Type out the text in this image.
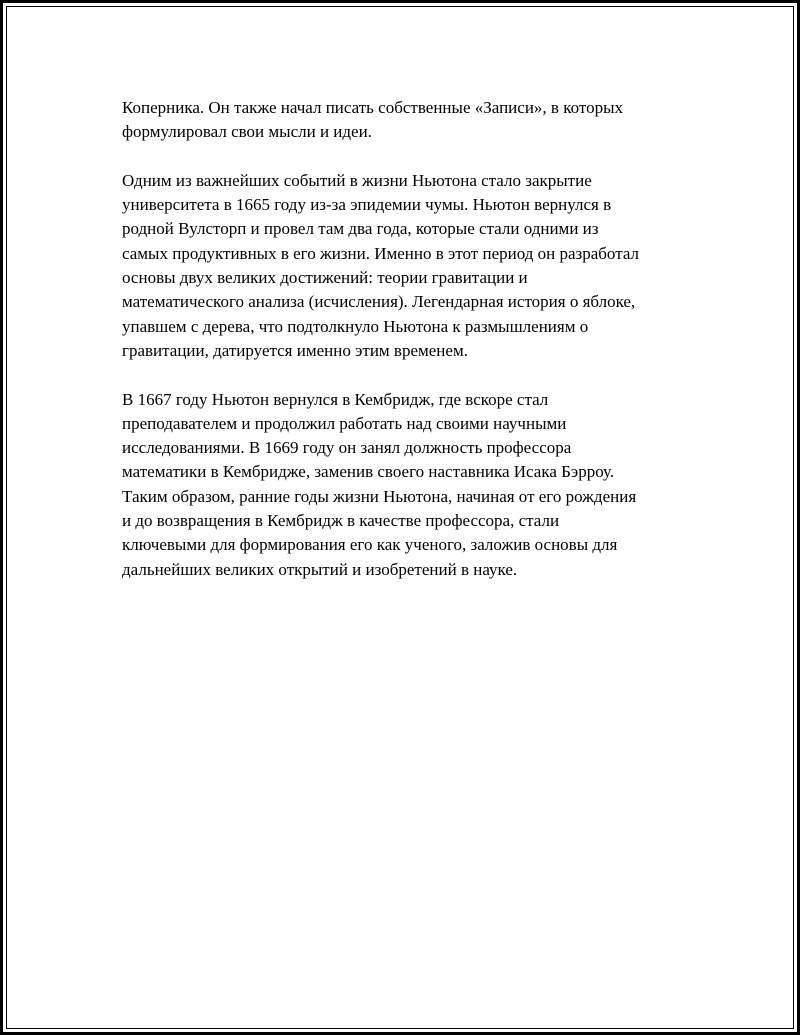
Коперника. Он также начал писать собственные «Записи», в которых
формулировал свои мысли и идеи.

Одним из важнейших событий в жизни Ньютона стало закрытие
университета в 1665 году из-за эпидемии чумы. Ньютон вернулся в
родной Вулсторп и провел там два года, которые стали одними из
самых продуктивных в его жизни. Именно в этот период он разработал
основы двух великих достижений: теории гравитации и
математического анализа (исчисления). Легендарная история о яблоке,
упавшем с дерева, что подтолкнуло Ньютона к размышлениям о
гравитации, датируется именно этим временем.

В 1667 году Ньютон вернулся в Кембридж, где вскоре стал
преподавателем и продолжил работать над своими научными
исследованиями. В 1669 году он занял должность профессора
математики в Кембридже, заменив своего наставника Исака Бэрроу.
Таким образом, ранние годы жизни Ньютона, начиная от его рождения
и до возвращения в Кембридж в качестве профессора, стали
ключевыми для формирования его как ученого, заложив основы для
дальнейших великих открытий и изобретений в науке.
